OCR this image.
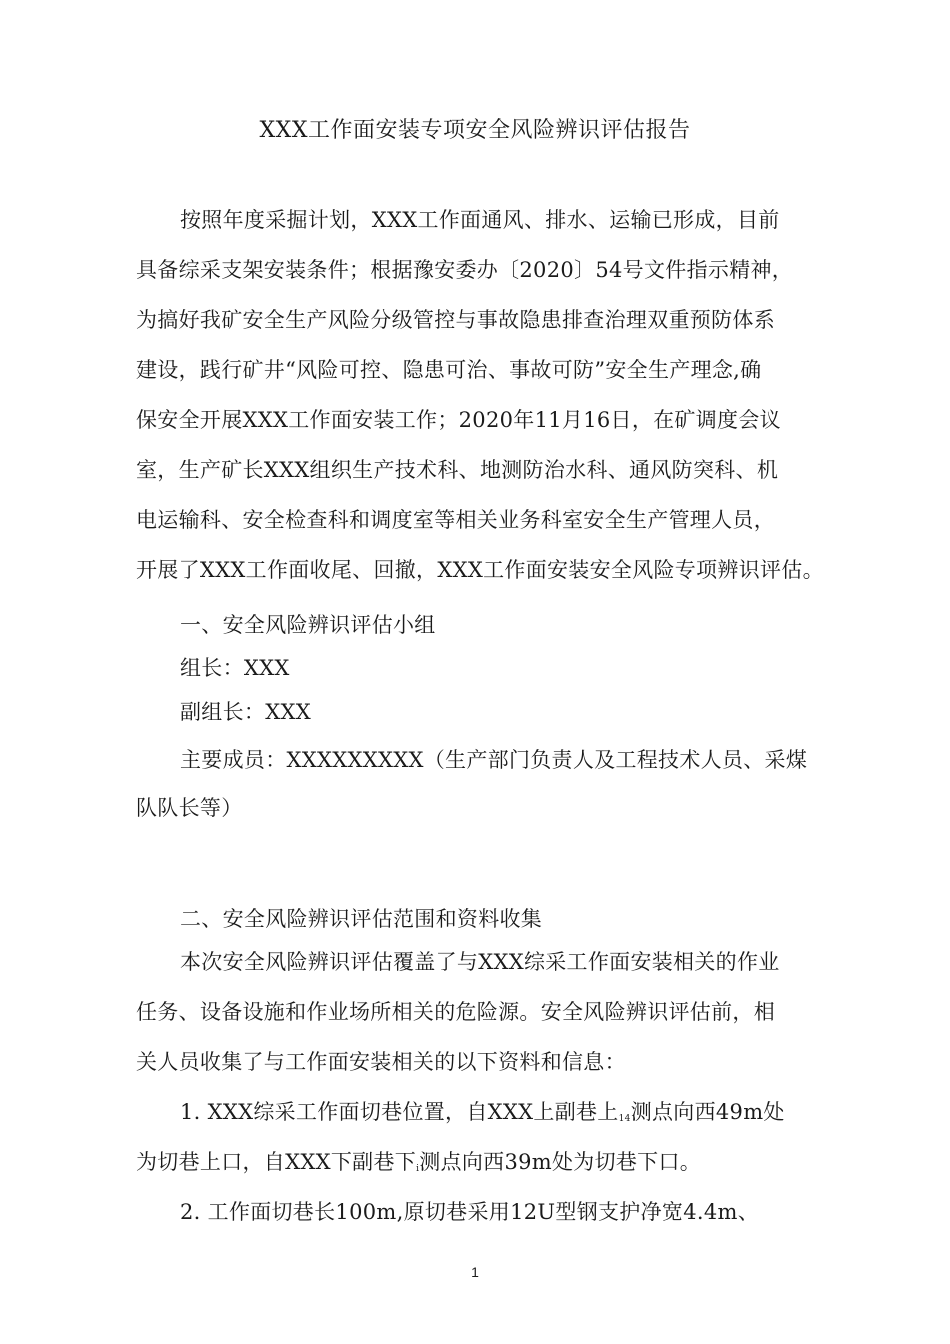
XXX工作面安装专项安全风险辨识评估报告
按照年度采掘计划，XXX工作面通风、排水、运输已形成，目前
具备综采支架安装条件；根据豫安委办〔2020〕54号文件指示精神，
为搞好我矿安全生产风险分级管控与事故隐患排查治理双重预防体系
建设，践行矿井“风险可控、隐患可治、事故可防”安全生产理念,确
保安全开展XXX工作面安装工作；2020年11月16日，在矿调度会议
室，生产矿长XXX组织生产技术科、地测防治水科、通风防突科、机
电运输科、安全检查科和调度室等相关业务科室安全生产管理人员，
开展了XXX工作面收尾、回撤，XXX工作面安装安全风险专项辨识评估。
一、安全风险辨识评估小组
组长：XXX
副组长：XXX
主要成员：XXXXXXXXX（生产部门负责人及工程技术人员、采煤
队队长等）
二、安全风险辨识评估范围和资料收集
本次安全风险辨识评估覆盖了与XXX综采工作面安装相关的作业
任务、设备设施和作业场所相关的危险源。安全风险辨识评估前，相
关人员收集了与工作面安装相关的以下资料和信息：
1. XXX综采工作面切巷位置，自XXX上副巷上$_{14}$测点向西49m处
为切巷上口，自XXX下副巷下$_i$测点向西39m处为切巷下口。
2. 工作面切巷长100m,原切巷采用12U型钢支护净宽4.4m、
1
